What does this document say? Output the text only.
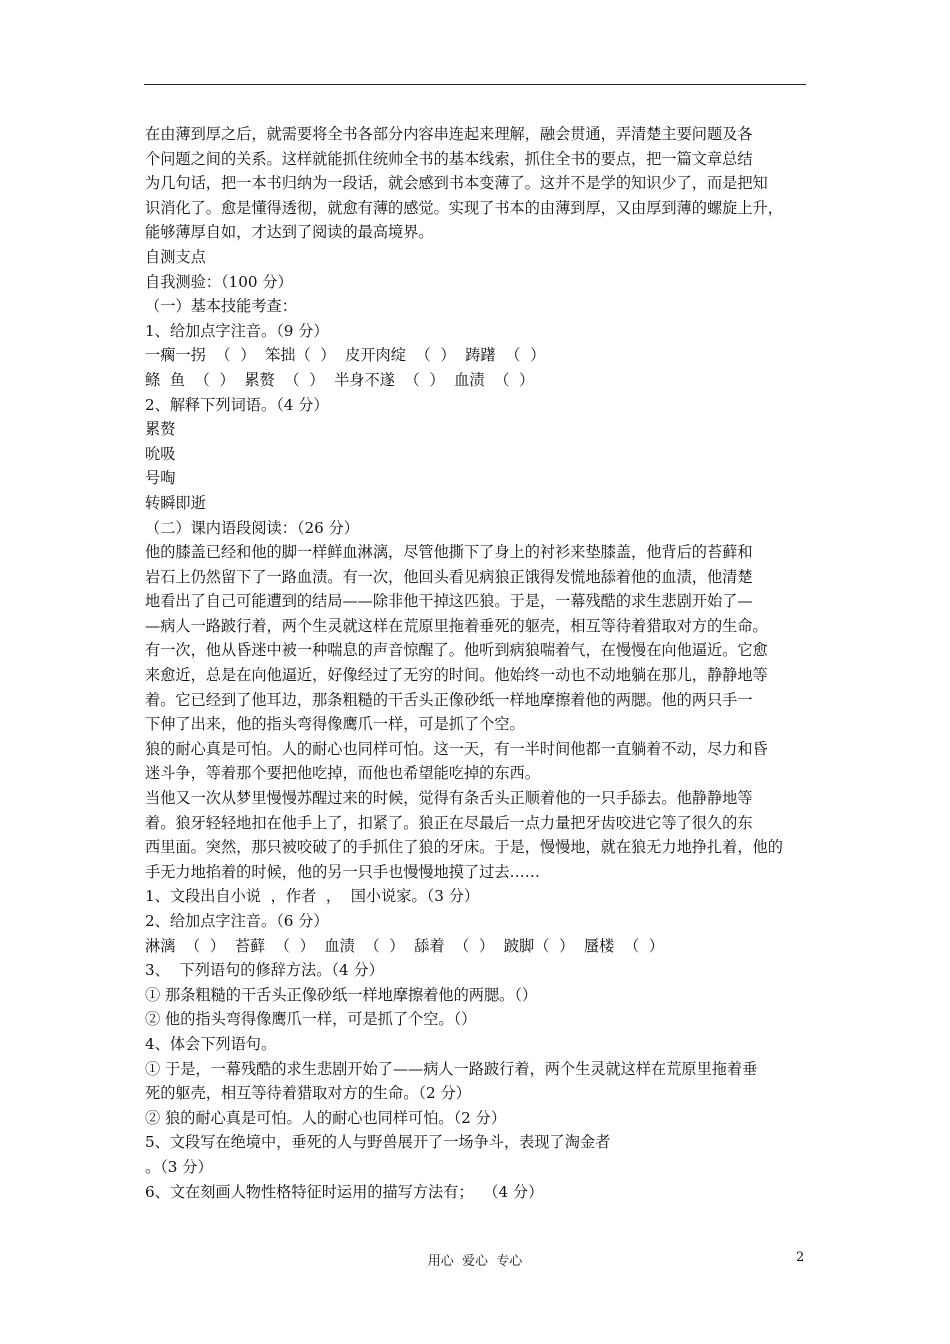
在由薄到厚之后，就需要将全书各部分内容串连起来理解，融会贯通，弄清楚主要问题及各
个问题之间的关系。这样就能抓住统帅全书的基本线索，抓住全书的要点，把一篇文章总结
为几句话，把一本书归纳为一段话，就会感到书本变薄了。这并不是学的知识少了，而是把知
识消化了。愈是懂得透彻，就愈有薄的感觉。实现了书本的由薄到厚，又由厚到薄的螺旋上升，
能够薄厚自如，才达到了阅读的最高境界。
自测支点
自我测验：（100 分）
（一）基本技能考查：
1、给加点字注音。（9 分）
一瘸一拐  （  ）  笨拙（  ）  皮开肉绽  （  ）  踌躇  （  ）
鲦  鱼  （  ）  累赘  （  ）  半身不遂  （  ）  血渍  （  ）
2、解释下列词语。（4 分）
累赘
吮吸
号啕
转瞬即逝
（二）课内语段阅读：（26 分）
他的膝盖已经和他的脚一样鲜血淋漓，尽管他撕下了身上的衬衫来垫膝盖，他背后的苔藓和
岩石上仍然留下了一路血渍。有一次，他回头看见病狼正饿得发慌地舔着他的血渍，他清楚
地看出了自己可能遭到的结局——除非他干掉这匹狼。于是，一幕残酷的求生悲剧开始了—
—病人一路跛行着，两个生灵就这样在荒原里拖着垂死的躯壳，相互等待着猎取对方的生命。
有一次，他从昏迷中被一种喘息的声音惊醒了。他听到病狼喘着气，在慢慢在向他逼近。它愈
来愈近，总是在向他逼近，好像经过了无穷的时间。他始终一动也不动地躺在那儿，静静地等
着。它已经到了他耳边，那条粗糙的干舌头正像砂纸一样地摩擦着他的两腮。他的两只手一
下伸了出来，他的指头弯得像鹰爪一样，可是抓了个空。
狼的耐心真是可怕。人的耐心也同样可怕。这一天，有一半时间他都一直躺着不动，尽力和昏
迷斗争，等着那个要把他吃掉，而他也希望能吃掉的东西。
当他又一次从梦里慢慢苏醒过来的时候，觉得有条舌头正顺着他的一只手舔去。他静静地等
着。狼牙轻轻地扣在他手上了，扣紧了。狼正在尽最后一点力量把牙齿咬进它等了很久的东
西里面。突然，那只被咬破了的手抓住了狼的牙床。于是，慢慢地，就在狼无力地挣扎着，他的
手无力地掐着的时候，他的另一只手也慢慢地摸了过去……
1、文段出自小说  ，作者  ，  国小说家。（3 分）
2、给加点字注音。（6 分）
淋漓  （  ）  苔藓  （  ）  血渍  （  ）  舔着  （  ）  跛脚（  ）  蜃楼  （  ）
3、  下列语句的修辞方法。（4 分）
① 那条粗糙的干舌头正像砂纸一样地摩擦着他的两腮。（）
② 他的指头弯得像鹰爪一样，可是抓了个空。（）
4、体会下列语句。
① 于是，一幕残酷的求生悲剧开始了——病人一路跛行着，两个生灵就这样在荒原里拖着垂
死的躯壳，相互等待着猎取对方的生命。（2 分）
② 狼的耐心真是可怕。人的耐心也同样可怕。（2 分）
5、文段写在绝境中，垂死的人与野兽展开了一场争斗，表现了淘金者
。（3 分）
6、文在刻画人物性格特征时运用的描写方法有；  （4 分）
用心  爱心  专心	2
